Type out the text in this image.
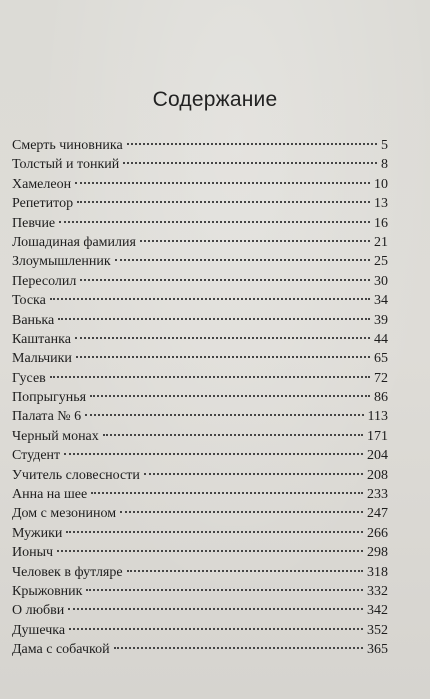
Содержание
Смерть чиновника	5
Толстый и тонкий	8
Хамелеон	10
Репетитор	13
Певчие	16
Лошадиная фамилия	21
Злоумышленник	25
Пересолил	30
Тоска	34
Ванька	39
Каштанка	44
Мальчики	65
Гусев	72
Попрыгунья	86
Палата № 6	113
Черный монах	171
Студент	204
Учитель словесности	208
Анна на шее	233
Дом с мезонином	247
Мужики	266
Ионыч	298
Человек в футляре	318
Крыжовник	332
О любви	342
Душечка	352
Дама с собачкой	365
